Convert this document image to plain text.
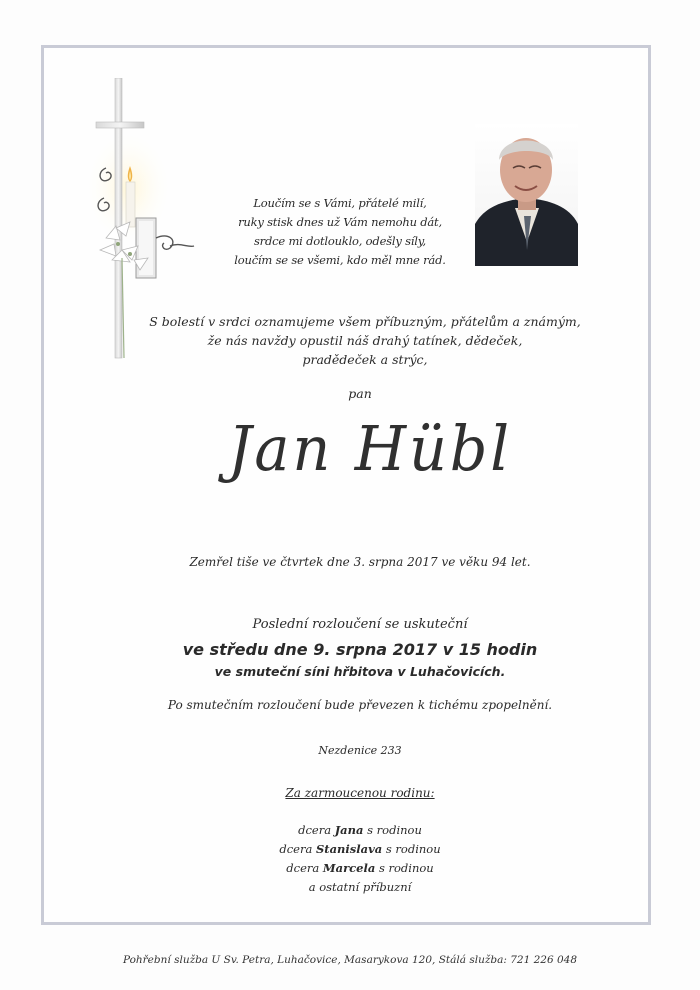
Loučím se s Vámi, přátelé milí,
ruky stisk dnes už Vám nemohu dát,
srdce mi dotlouklo, odešly síly,
loučím se se všemi, kdo měl mne rád.
S bolestí v srdci oznamujeme všem příbuzným, přátelům a známým,
že nás navždy opustil náš drahý tatínek, dědeček,
pradědeček a strýc,
pan
Jan Hübl
Zemřel tiše ve čtvrtek dne 3. srpna 2017 ve věku 94 let.
Poslední rozloučení se uskuteční
ve středu dne 9. srpna 2017 v 15 hodin
ve smuteční síni hřbitova v Luhačovicích.
Po smutečním rozloučení bude převezen k tichému zpopelnění.
Nezdenice 233
Za zarmoucenou rodinu:
dcera Jana s rodinou
dcera Stanislava s rodinou
dcera Marcela s rodinou
a ostatní příbuzní
Pohřební služba U Sv. Petra, Luhačovice, Masarykova 120, Stálá služba: 721 226 048
